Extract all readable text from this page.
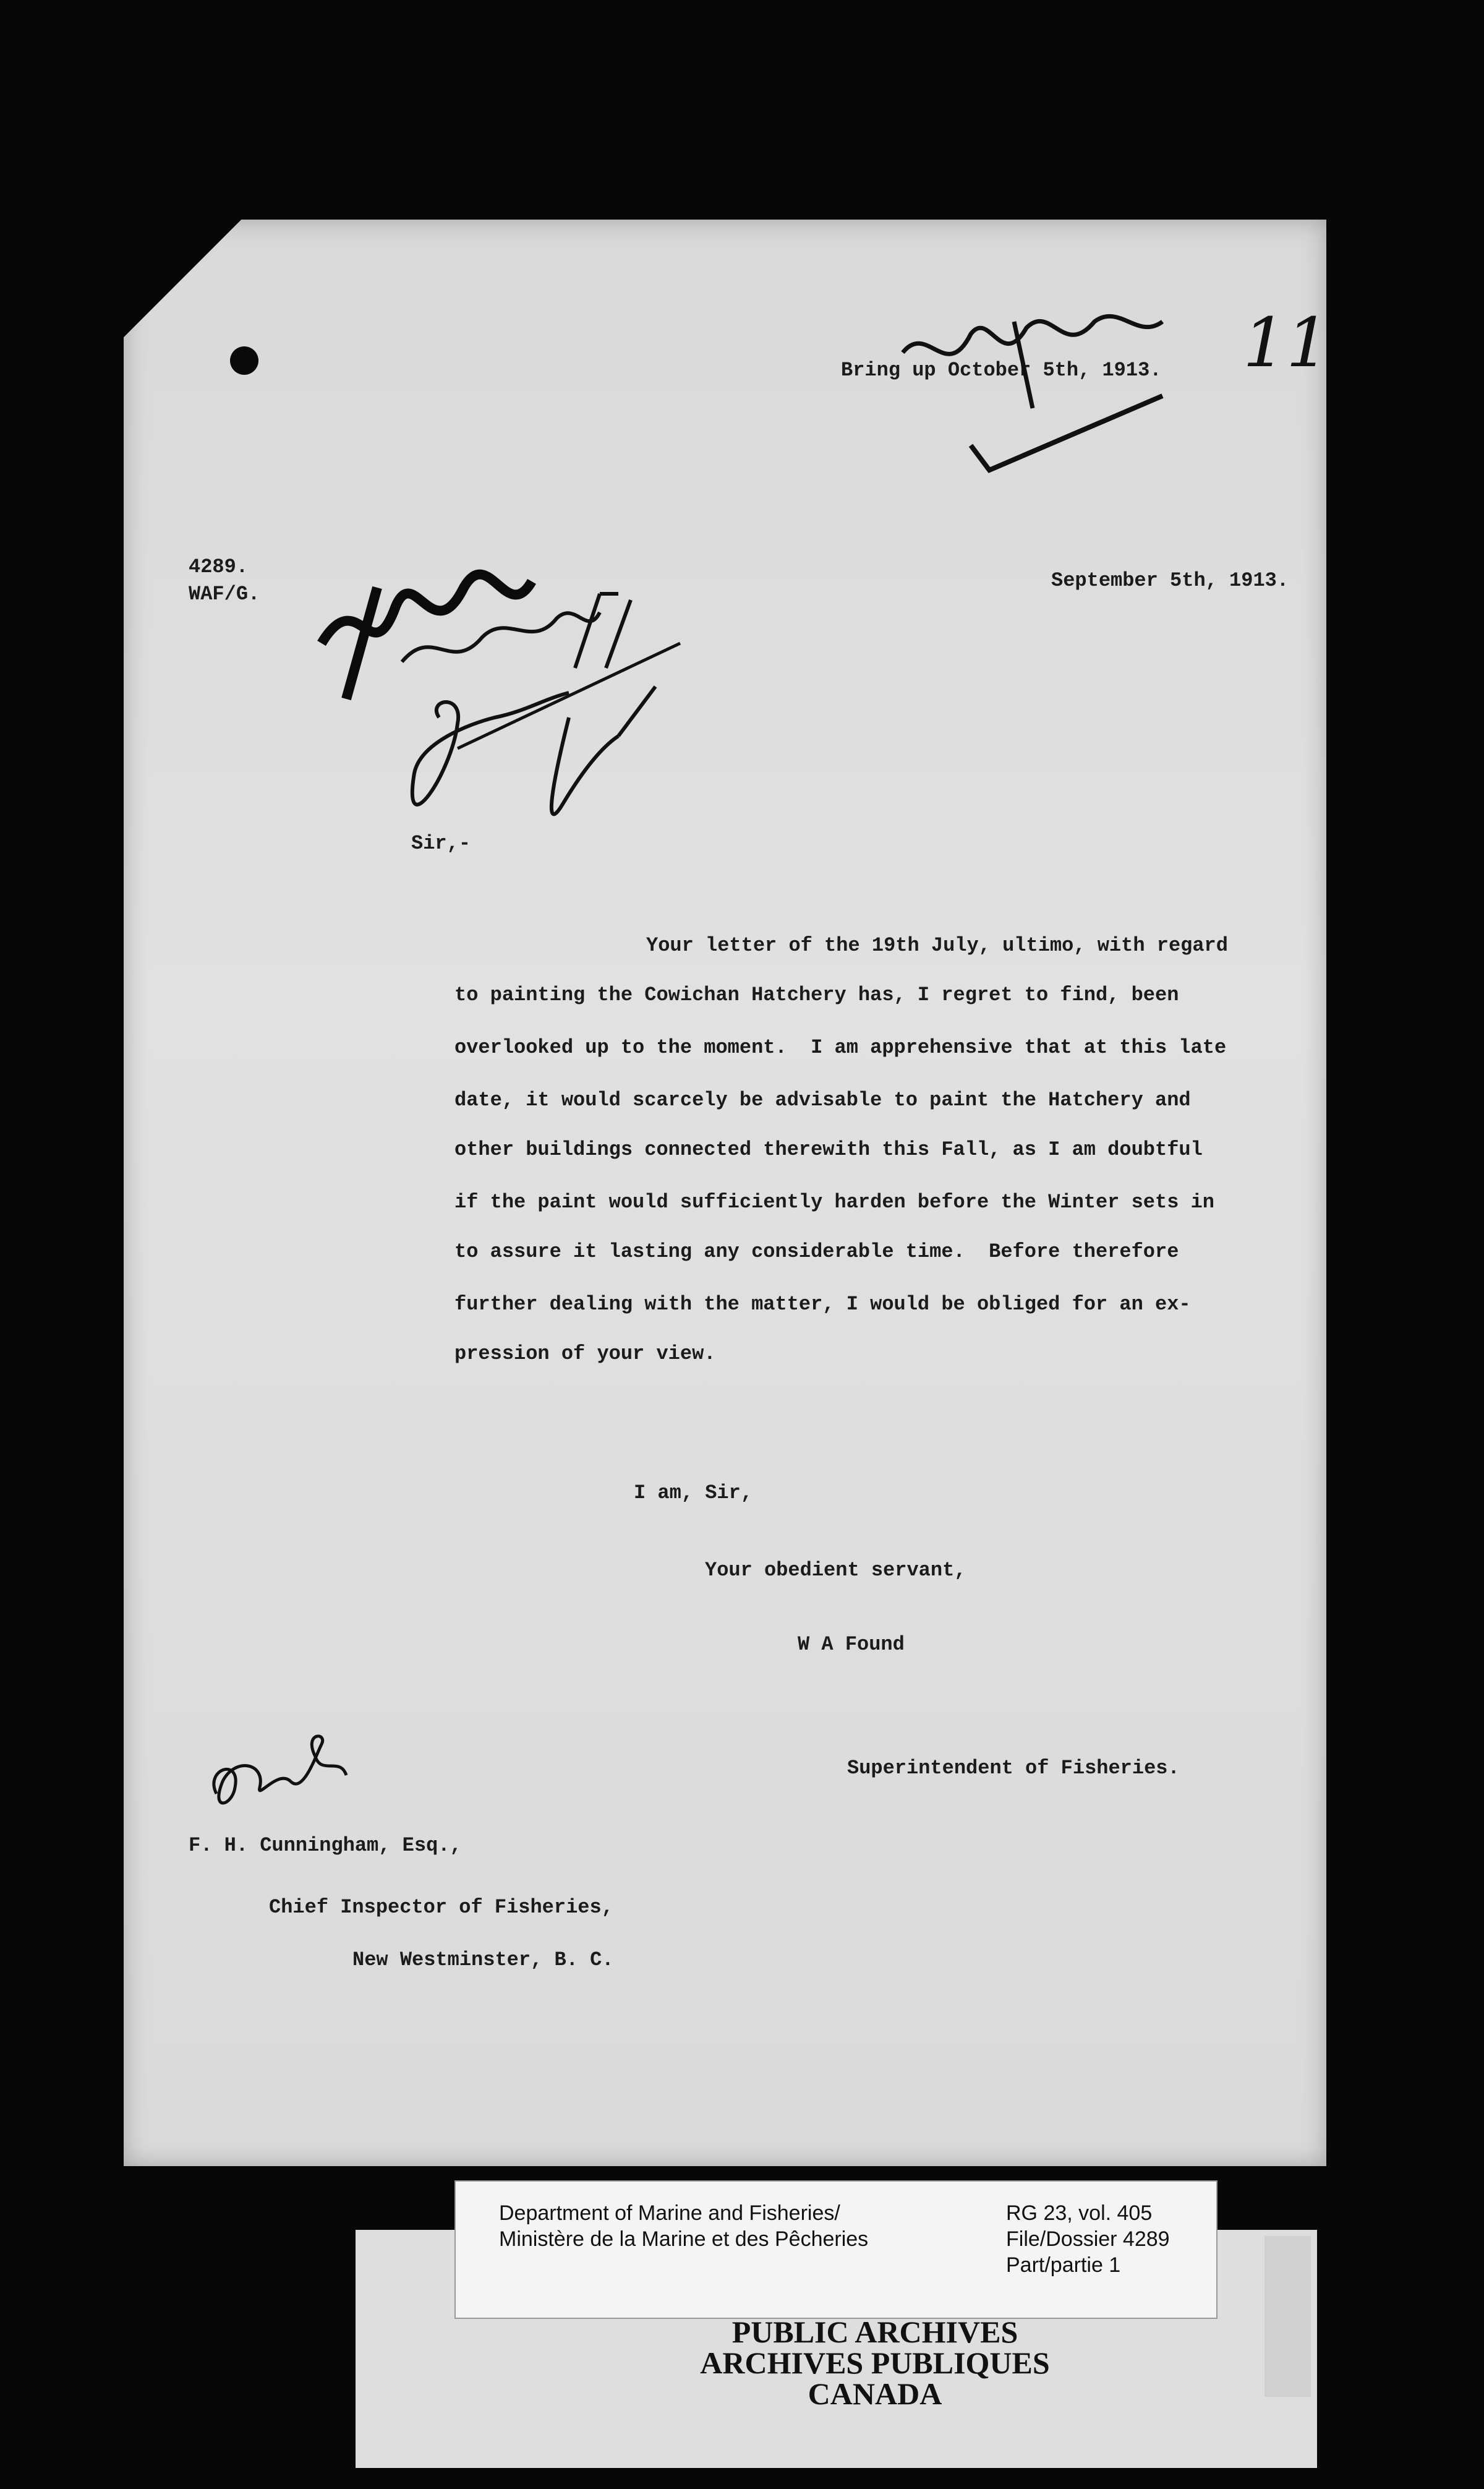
Bring up October 5th, 1913. 11
4289.
WAF/G.
September 5th, 1913.
Sir,-
Your letter of the 19th July, ultimo, with regard
to painting the Cowichan Hatchery has, I regret to find, been
overlooked up to the moment.  I am apprehensive that at this late
date, it would scarcely be advisable to paint the Hatchery and
other buildings connected therewith this Fall, as I am doubtful
if the paint would sufficiently harden before the Winter sets in
to assure it lasting any considerable time.  Before therefore
further dealing with the matter, I would be obliged for an ex-
pression of your view.
I am, Sir,
Your obedient servant,
W A Found
Superintendent of Fisheries.
F. H. Cunningham, Esq.,
Chief Inspector of Fisheries,
New Westminster, B. C.
Department of Marine and Fisheries/
Ministère de la Marine et des Pêcheries
RG 23, vol. 405
File/Dossier 4289
Part/partie 1
PUBLIC ARCHIVES
ARCHIVES PUBLIQUES
CANADA
